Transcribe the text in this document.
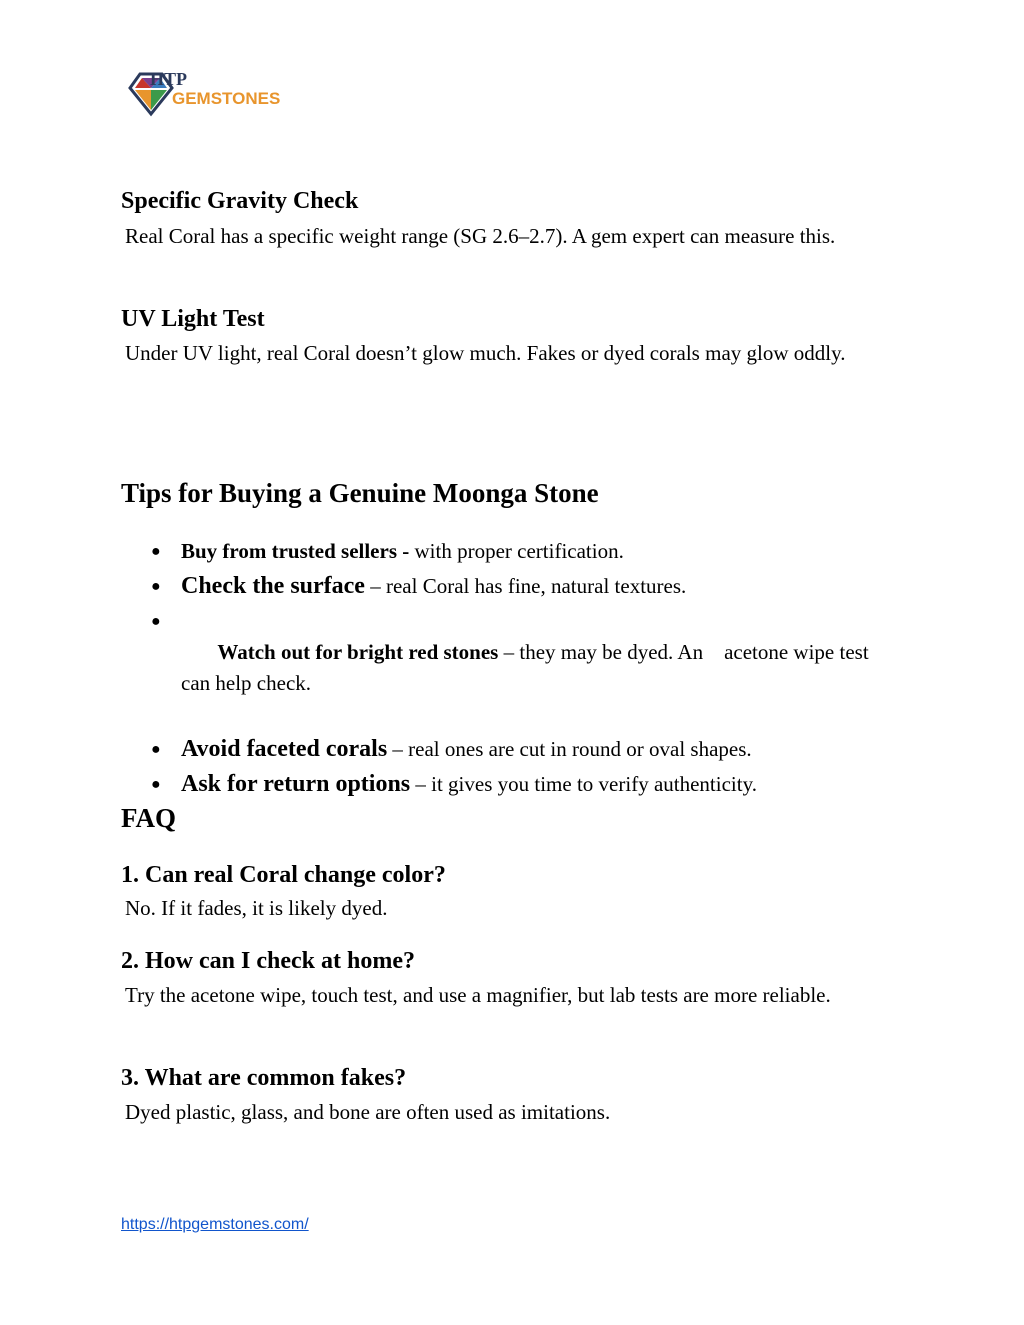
HTP
GEMSTONES
Specific Gravity Check
Real Coral has a specific weight range (SG 2.6–2.7). A gem expert can measure this.
UV Light Test
Under UV light, real Coral doesn’t glow much. Fakes or dyed corals may glow oddly.
Tips for Buying a Genuine Moonga Stone
● Buy from trusted sellers - with proper certification.
● Check the surface – real Coral has fine, natural textures.

●
Watch out for bright red stones – they may be dyed. An    acetone wipe test can help check.

● Avoid faceted corals – real ones are cut in round or oval shapes.
● Ask for return options – it gives you time to verify authenticity.
FAQ
1. Can real Coral change color?
No. If it fades, it is likely dyed.
2. How can I check at home?
Try the acetone wipe, touch test, and use a magnifier, but lab tests are more reliable.
3. What are common fakes?
Dyed plastic, glass, and bone are often used as imitations.
https://htpgemstones.com/
